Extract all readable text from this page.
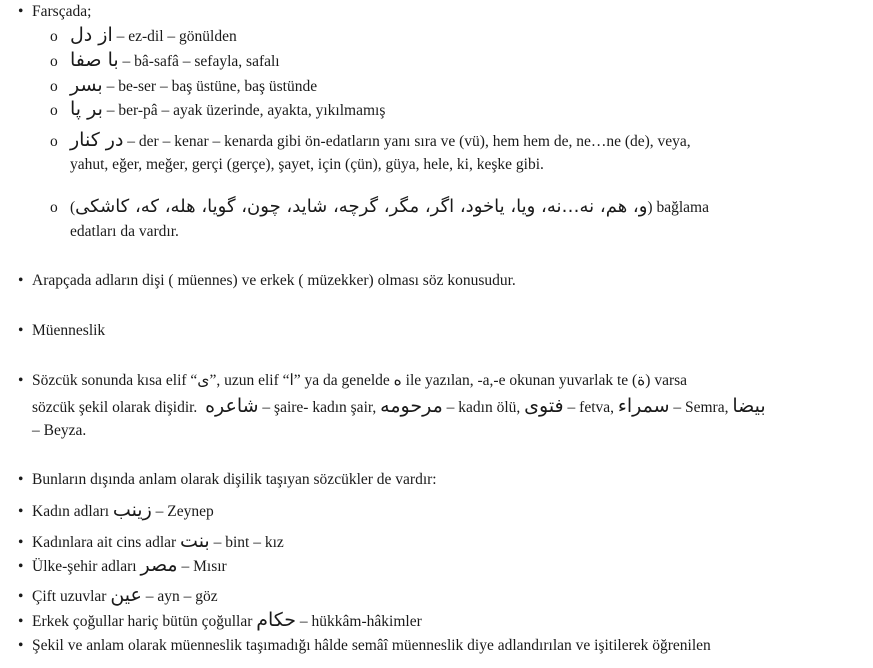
• Farsçada;
o از دل – ez-dil – gönülden
o با صفا – bâ-safâ – sefayla, safalı
o بسر – be-ser – baş üstüne, baş üstünde
o بر پا – ber-pâ – ayak üzerinde, ayakta, yıkılmamış
o در كنار – der – kenar – kenarda gibi ön-edatların yanı sıra ve (vü), hem hem de, ne…ne (de), veya,
yahut, eğer, meğer, gerçi (gerçe), şayet, için (çün), güya, hele, ki, keşke gibi.
o (و، هم، نه…نه، ويا، ياخود، اگر، مگر، گرچه، شايد، چون، گويا، هله، كه، كاشكى) bağlama
edatları da vardır.
• Arapçada adların dişi ( müennes) ve erkek ( müzekker) olması söz konusudur.
• Müenneslik
• Sözcük sonunda kısa elif “ى”, uzun elif “ا” ya da genelde ه ile yazılan, -a,-e okunan yuvarlak te (ة) varsa
sözcük şekil olarak dişidir. شاعره – şaire- kadın şair, مرحومه – kadın ölü, فتوى – fetva, سمراء – Semra, بيضا
– Beyza.
• Bunların dışında anlam olarak dişilik taşıyan sözcükler de vardır:
• Kadın adları زينب – Zeynep
• Kadınlara ait cins adlar بنت – bint – kız
• Ülke-şehir adları مصر – Mısır
• Çift uzuvlar عين – ayn – göz
• Erkek çoğullar hariç bütün çoğullar حكام – hükkâm-hâkimler
• Şekil ve anlam olarak müenneslik taşımadığı hâlde semâî müenneslik diye adlandırılan ve işitilerek öğrenilen
